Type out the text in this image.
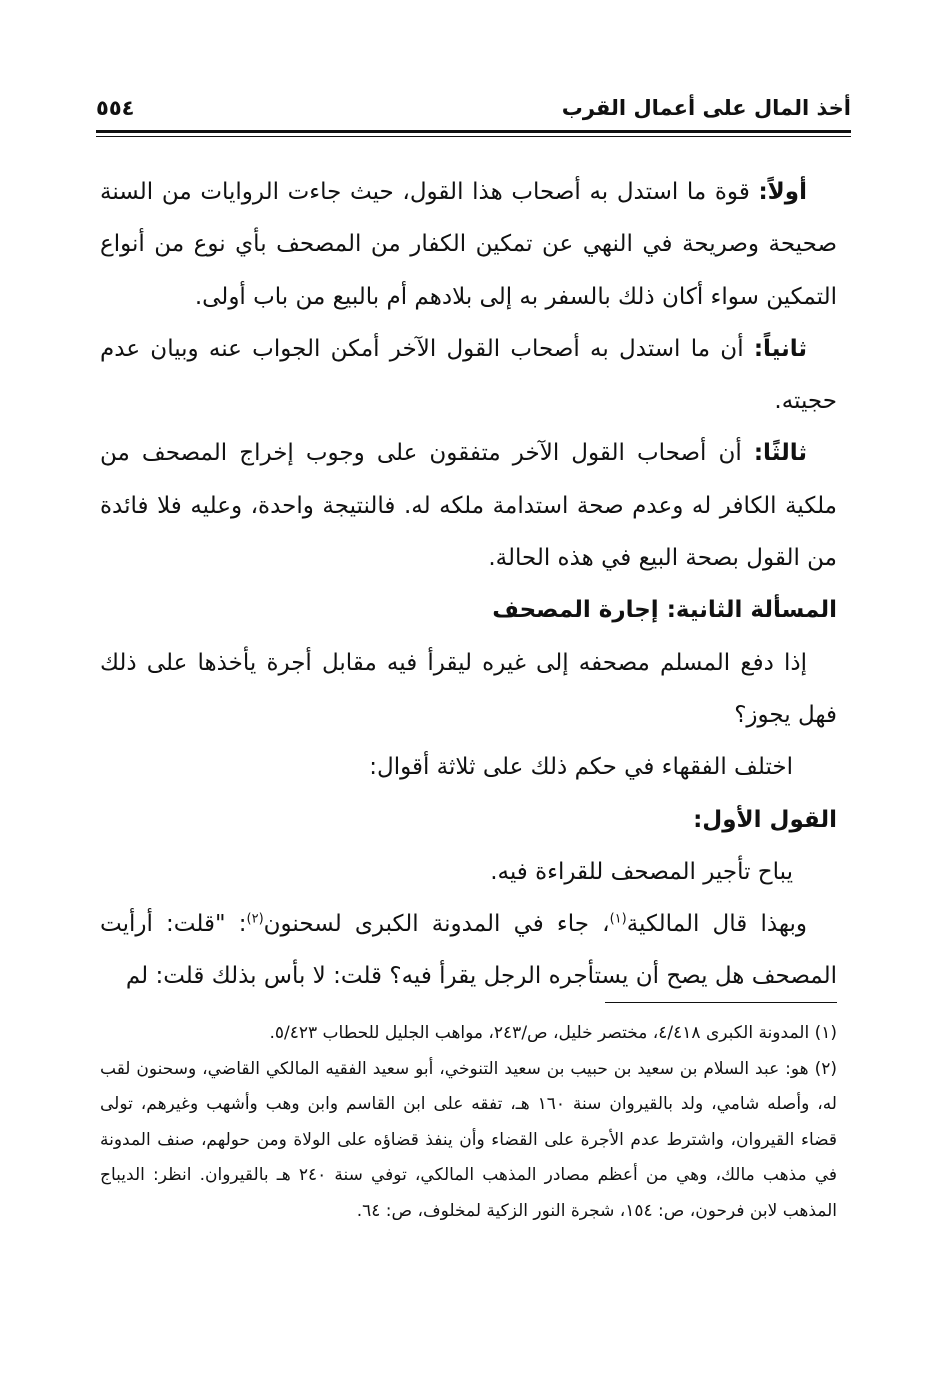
أخذ المال على أعمال القرب
٥٥٤

أولاً: قوة ما استدل به أصحاب هذا القول، حيث جاءت الروايات من السنة صحيحة وصريحة في النهي عن تمكين الكفار من المصحف بأي نوع من أنواع التمكين سواء أكان ذلك بالسفر به إلى بلادهم أم بالبيع من باب أولى.

ثانياً: أن ما استدل به أصحاب القول الآخر أمكن الجواب عنه وبيان عدم حجيته.

ثالثًا: أن أصحاب القول الآخر متفقون على وجوب إخراج المصحف من ملكية الكافر له وعدم صحة استدامة ملكه له. فالنتيجة واحدة، وعليه فلا فائدة من القول بصحة البيع في هذه الحالة.

المسألة الثانية: إجارة المصحف

إذا دفع المسلم مصحفه إلى غيره ليقرأ فيه مقابل أجرة يأخذها على ذلك فهل يجوز؟

اختلف الفقهاء في حكم ذلك على ثلاثة أقوال:

القول الأول:

يباح تأجير المصحف للقراءة فيه.

وبهذا قال المالكية$^{(١)}$، جاء في المدونة الكبرى لسحنون$^{(٢)}$: "قلت: أرأيت المصحف هل يصح أن يستأجره الرجل يقرأ فيه؟ قلت: لا بأس بذلك قلت: لم

(١) المدونة الكبرى ٤/٤١٨، مختصر خليل، ص/٢٤٣، مواهب الجليل للحطاب ٥/٤٢٣.

(٢) هو: عبد السلام بن سعيد بن حبيب بن سعيد التنوخي، أبو سعيد الفقيه المالكي القاضي، وسحنون لقب له، وأصله شامي، ولد بالقيروان سنة ١٦٠ هـ، تفقه على ابن القاسم وابن وهب وأشهب وغيرهم، تولى قضاء القيروان، واشترط عدم الأجرة على القضاء وأن ينفذ قضاؤه على الولاة ومن حولهم، صنف المدونة في مذهب مالك، وهي من أعظم مصادر المذهب المالكي، توفي سنة ٢٤٠ هـ بالقيروان. انظر: الديباج المذهب لابن فرحون، ص: ١٥٤، شجرة النور الزكية لمخلوف، ص: ٦٤.
